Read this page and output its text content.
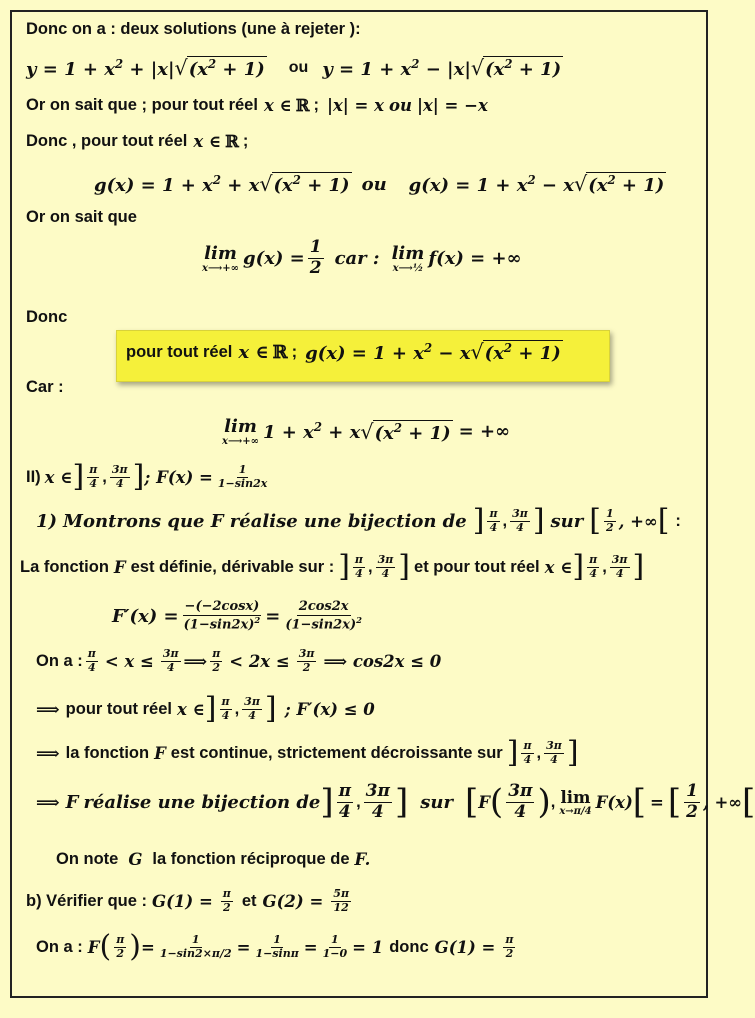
Donc on a : deux solutions (une à rejeter ):
$y = 1 + x^2 + |x|$ √ $(x^2 + 1)$ ou $y = 1 + x^2 - |x|$ √ $(x^2 + 1)$
Or on sait que ; pour tout réel x ∈ ℝ ; |x| = x ou |x| = −x
Donc , pour tout réel x ∈ ℝ ;
$g(x) = 1 + x^2 + x$ √ $(x^2 + 1)$ ou $g(x) = 1 + x^2 - x$ √ $(x^2 + 1)$
Or on sait que
lim
x⟶+∞ $g(x) = \frac{1}{2}$ car : lim
x⟶½ f(x) = +∞
Donc
pour tout réel x ∈ ℝ ; $g(x) = 1 + x^2 - x$ √ $(x^2 + 1)$
Car :
lim
x⟶+∞ $1 + x^2 + x$ √ $(x^2 + 1)$ = +∞
II) x ∈ ] $\frac{\pi}{4}$ , $\frac{3\pi}{4}$ ] ; $F(x) = \frac{1}{1-\sin 2x}$
1) Montrons que F réalise une bijection de ] $\frac{\pi}{4}$ , $\frac{3\pi}{4}$ ] sur [ $\frac{1}{2}$ , +∞ [ :
La fonction F est définie, dérivable sur : ] $\frac{\pi}{4}$ , $\frac{3\pi}{4}$ ] et pour tout réel x ∈ ] $\frac{\pi}{4}$ , $\frac{3\pi}{4}$ ]
$F'(x) = \frac{-(-2\cos x)}{(1-\sin 2x)^2} = \frac{2\cos 2x}{(1-\sin 2x)^2}$
On a : $\frac{\pi}{4} < x \le \frac{3\pi}{4}$ ⟹ $\frac{\pi}{2} < 2x \le \frac{3\pi}{2}$ ⟹ cos2x ≤ 0
⟹ pour tout réel x ∈ ] $\frac{\pi}{4}$ , $\frac{3\pi}{4}$ ] ; F′(x) ≤ 0
⟹ la fonction F est continue, strictement décroissante sur ] $\frac{\pi}{4}$ , $\frac{3\pi}{4}$ ]
⟹ F réalise une bijection de ] $\frac{\pi}{4}$ , $\frac{3\pi}{4}$ ] sur [ F ( $\frac{3\pi}{4}$ ) , lim
x→π/4 F(x) [ = [ $\frac{1}{2}$ , +∞ [
On note G la fonction réciproque de F.
b) Vérifier que : $G(1) = \frac{\pi}{2}$ et $G(2) = \frac{5\pi}{12}$
On a : F ( $\frac{\pi}{2}$ ) = $\frac{1}{1-\sin 2\times\pi/2} = \frac{1}{1-\sin\pi} = \frac{1}{1-0} = 1$ donc $G(1) = \frac{\pi}{2}$
